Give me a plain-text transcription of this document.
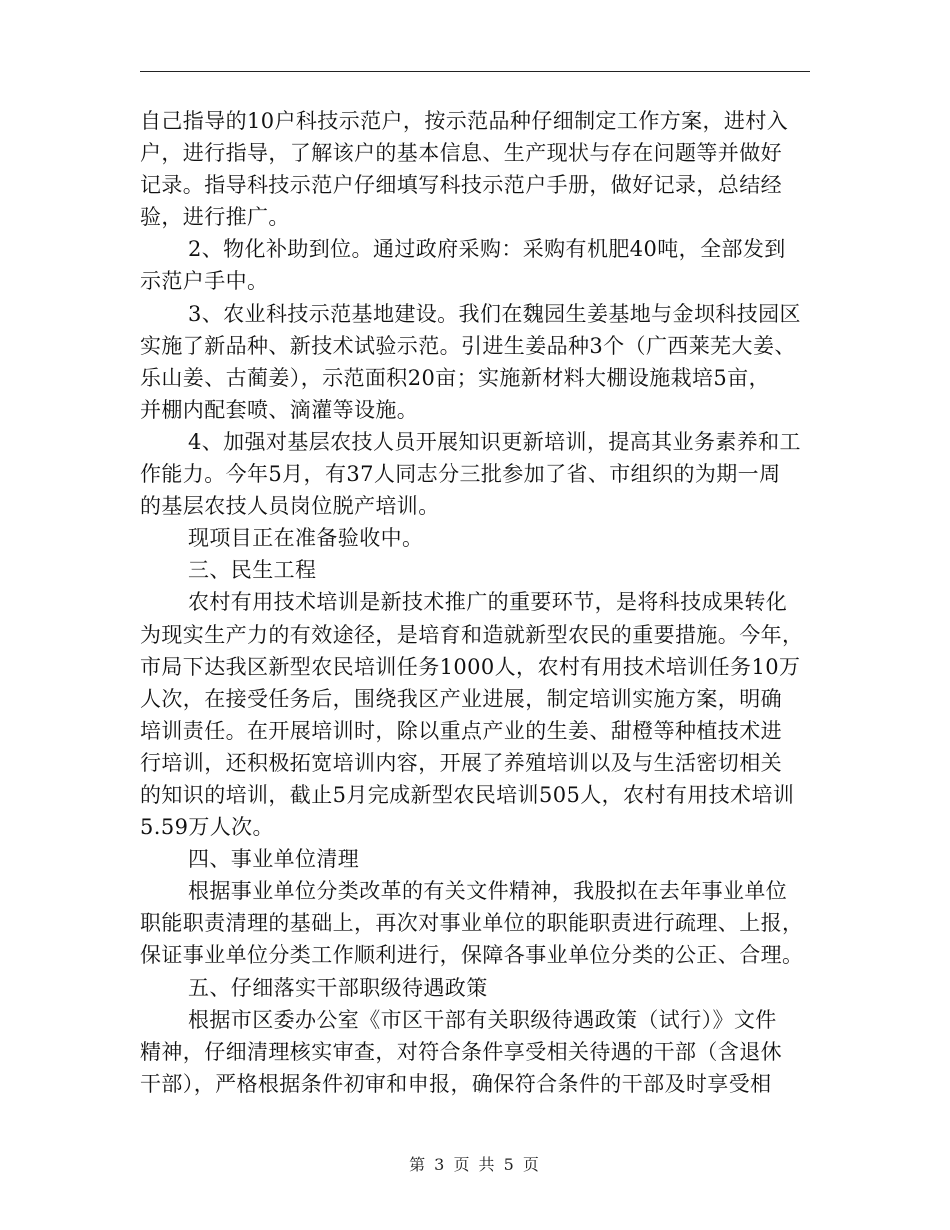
自己指导的10户科技示范户，按示范品种仔细制定工作方案，进村入
户，进行指导，了解该户的基本信息、生产现状与存在问题等并做好
记录。指导科技示范户仔细填写科技示范户手册，做好记录，总结经
验，进行推广。
2、物化补助到位。通过政府采购：采购有机肥40吨，全部发到
示范户手中。
3、农业科技示范基地建设。我们在魏园生姜基地与金坝科技园区
实施了新品种、新技术试验示范。引进生姜品种3个（广西莱芜大姜、
乐山姜、古蔺姜），示范面积20亩；实施新材料大棚设施栽培5亩，
并棚内配套喷、滴灌等设施。
4、加强对基层农技人员开展知识更新培训，提高其业务素养和工
作能力。今年5月，有37人同志分三批参加了省、市组织的为期一周
的基层农技人员岗位脱产培训。
现项目正在准备验收中。
三、民生工程
农村有用技术培训是新技术推广的重要环节，是将科技成果转化
为现实生产力的有效途径，是培育和造就新型农民的重要措施。今年，
市局下达我区新型农民培训任务1000人，农村有用技术培训任务10万
人次，在接受任务后，围绕我区产业进展，制定培训实施方案，明确
培训责任。在开展培训时，除以重点产业的生姜、甜橙等种植技术进
行培训，还积极拓宽培训内容，开展了养殖培训以及与生活密切相关
的知识的培训，截止5月完成新型农民培训505人，农村有用技术培训
5.59万人次。
四、事业单位清理
根据事业单位分类改革的有关文件精神，我股拟在去年事业单位
职能职责清理的基础上，再次对事业单位的职能职责进行疏理、上报，
保证事业单位分类工作顺利进行，保障各事业单位分类的公正、合理。
五、仔细落实干部职级待遇政策
根据市区委办公室《市区干部有关职级待遇政策（试行）》文件
精神，仔细清理核实审查，对符合条件享受相关待遇的干部（含退休
干部），严格根据条件初审和申报，确保符合条件的干部及时享受相
第 3 页 共 5 页
